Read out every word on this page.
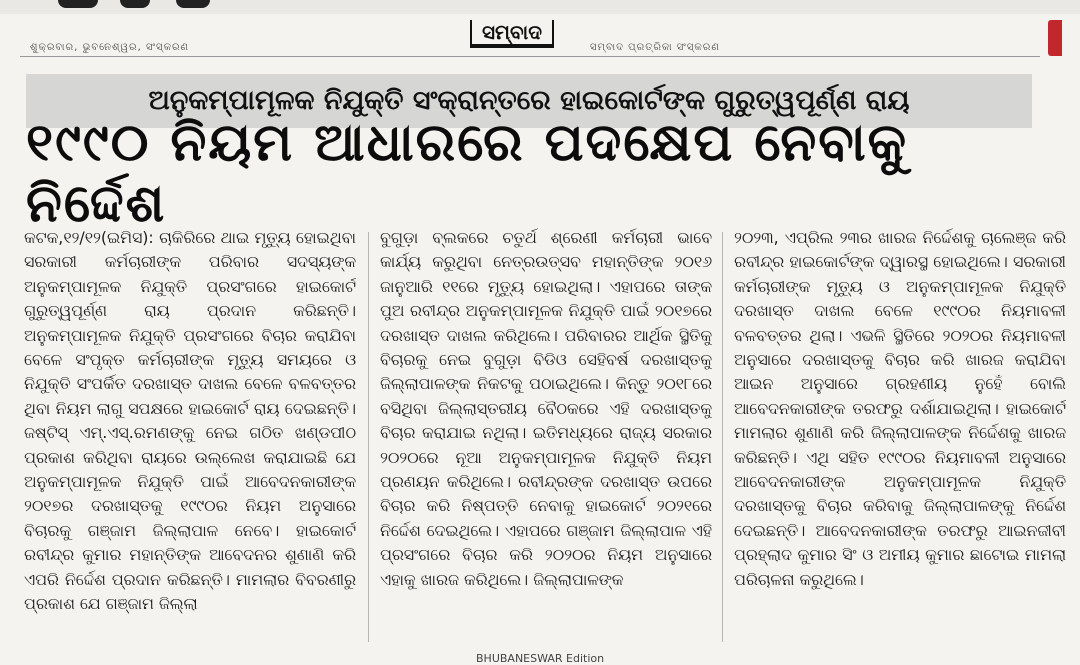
ଶୁକ୍ରବାର, ଭୁବନେଶ୍ୱର, ସଂସ୍କରଣ
ସମ୍ବାଦ
ସମ୍ବାଦ ପ୍ରତ୍ରିକା ସଂସ୍କରଣ
ଅନୁକମ୍ପାମୂଳକ ନିଯୁକ୍ତି ସଂକ୍ରାନ୍ତରେ ହାଇକୋର୍ଟଙ୍କ ଗୁରୁତ୍ୱପୂର୍ଣ୍ଣ ରାୟ
୧୯୯୦ ନିୟମ ଆଧାରରେ ପଦକ୍ଷେପ ନେବାକୁ ନିର୍ଦ୍ଦେଶ

କଟକ,୧୨/୧୨(ଇମିସ): ଚାକିରିରେ ଥାଇ ମୃତ୍ୟୁ ହୋଇଥିବା ସରକାରୀ କର୍ମଚାରୀଙ୍କ ପରିବାର ସଦସ୍ୟଙ୍କ ଅନୁକମ୍ପାମୂଳକ ନିଯୁକ୍ତି ପ୍ରସଂଗରେ ହାଇକୋର୍ଟ ଗୁରୁତ୍ୱପୂର୍ଣ୍ଣ ରାୟ ପ୍ରଦାନ କରିଛନ୍ତି। ଅନୁକମ୍ପାମୂଳକ ନିଯୁକ୍ତି ପ୍ରସଂଗରେ ବିଚାର କରାଯିବା ବେଳେ ସଂପୃକ୍ତ କର୍ମଚାରୀଙ୍କ ମୃତ୍ୟୁ ସମୟରେ ଓ ନିଯୁକ୍ତି ସଂପର୍କିତ ଦରଖାସ୍ତ ଦାଖଲ ବେଳେ ବଳବତ୍ତର ଥିବା ନିୟମ ଲାଗୁ ସପକ୍ଷରେ ହାଇକୋର୍ଟ ରାୟ ଦେଇଛନ୍ତି। ଜଷ୍ଟିସ୍ ଏମ୍.ଏସ୍.ରମଣଙ୍କୁ ନେଇ ଗଠିତ ଖଣ୍ଡପୀଠ ପ୍ରକାଶ କରିଥିବା ରାୟରେ ଉଲ୍ଲେଖ କରାଯାଇଛି ଯେ ଅନୁକମ୍ପାମୂଳକ ନିଯୁକ୍ତି ପାଇଁ ଆବେଦନକାରୀଙ୍କ ୨୦୧୭ର ଦରଖାସ୍ତକୁ ୧୯୯୦ର ନିୟମ ଅନୁସାରେ ବିଚାରକୁ ଗଞ୍ଜାମ ଜିଲ୍ଲାପାଳ ନେବେ। ହାଇକୋର୍ଟ ରବୀନ୍ଦ୍ର କୁମାର ମହାନ୍ତିଙ୍କ ଆବେଦନର ଶୁଣାଣି କରି ଏପରି ନିର୍ଦ୍ଦେଶ ପ୍ରଦାନ କରିଛନ୍ତି। ମାମଲାର ବିବରଣୀରୁ ପ୍ରକାଶ ଯେ ଗଞ୍ଜାମ ଜିଲ୍ଲା

ବୁଗୁଡ଼ା ବ୍ଲକରେ ଚତୁର୍ଥ ଶ୍ରେଣୀ କର୍ମଚାରୀ ଭାବେ କାର୍ଯ୍ୟ କରୁଥିବା ନେତ୍ରଉତ୍ସବ ମହାନ୍ତିଙ୍କ ୨୦୧୬ ଜାନୁଆରି ୧୧ରେ ମୃତ୍ୟୁ ହୋଇଥିଲା। ଏହାପରେ ତାଙ୍କ ପୁଅ ରବୀନ୍ଦ୍ର ଅନୁକମ୍ପାମୂଳକ ନିଯୁକ୍ତି ପାଇଁ ୨୦୧୭ରେ ଦରଖାସ୍ତ ଦାଖଲ କରିଥିଲେ। ପରିବାରର ଆର୍ଥିକ ସ୍ଥିତିକୁ ବିଚାରକୁ ନେଇ ବୁଗୁଡ଼ା ବିଡିଓ ସେହିବର୍ଷ ଦରଖାସ୍ତକୁ ଜିଲ୍ଲାପାଳଙ୍କ ନିକଟକୁ ପଠାଇଥିଲେ। କିନ୍ତୁ ୨୦୧୮ରେ ବସିଥିବା ଜିଲ୍ଲାସ୍ତରୀୟ ବୈଠକରେ ଏହି ଦରଖାସ୍ତକୁ ବିଚାର କରାଯାଇ ନଥିଲା। ଇତିମଧ୍ୟରେ ରାଜ୍ୟ ସରକାର ୨୦୨୦ରେ ନୂଆ ଅନୁକମ୍ପାମୂଳକ ନିଯୁକ୍ତି ନିୟମ ପ୍ରଣୟନ କରିଥିଲେ। ରବୀନ୍ଦ୍ରଙ୍କ ଦରଖାସ୍ତ ଉପରେ ବିଚାର କରି ନିଷ୍ପତ୍ତି ନେବାକୁ ହାଇକୋର୍ଟ ୨୦୨୧ରେ ନିର୍ଦ୍ଦେଶ ଦେଇଥିଲେ। ଏହାପରେ ଗଞ୍ଜାମ ଜିଲ୍ଲାପାଳ ଏହି ପ୍ରସଂଗରେ ବିଚାର କରି ୨୦୨୦ର ନିୟମ ଅନୁସାରେ ଏହାକୁ ଖାରଜ କରିଥିଲେ। ଜିଲ୍ଲାପାଳଙ୍କ

୨୦୨୩, ଏପ୍ରିଲ ୨୩ର ଖାରଜ ନିର୍ଦ୍ଦେଶକୁ ଚାଲେଞ୍ଜ କରି ରବୀନ୍ଦ୍ର ହାଇକୋର୍ଟଙ୍କ ଦ୍ୱାରସ୍ଥ ହୋଇଥିଲେ। ସରକାରୀ କର୍ମଚାରୀଙ୍କ ମୃତ୍ୟୁ ଓ ଅନୁକମ୍ପାମୂଳକ ନିଯୁକ୍ତି ଦରଖାସ୍ତ ଦାଖଲ ବେଳେ ୧୯୯୦ର ନିୟମାବଳୀ ବଳବତ୍ତର ଥିଲା। ଏଭଳି ସ୍ଥିତିରେ ୨୦୨୦ର ନିୟମାବଳୀ ଅନୁସାରେ ଦରଖାସ୍ତକୁ ବିଚାର କରି ଖାରଜ କରାଯିବା ଆଇନ ଅନୁସାରେ ଗ୍ରହଣୀୟ ନୁହେଁ ବୋଲି ଆବେଦନକାରୀଙ୍କ ତରଫରୁ ଦର୍ଶାଯାଇଥିଲା। ହାଇକୋର୍ଟ ମାମଲାର ଶୁଣାଣି କରି ଜିଲ୍ଲାପାଳଙ୍କ ନିର୍ଦ୍ଦେଶକୁ ଖାରଜ କରିଛନ୍ତି। ଏଥି ସହିତ ୧୯୯୦ର ନିୟମାବଳୀ ଅନୁସାରେ ଆବେଦନକାରୀଙ୍କ ଅନୁକମ୍ପାମୂଳକ ନିଯୁକ୍ତି ଦରଖାସ୍ତକୁ ବିଚାର କରିବାକୁ ଜିଲ୍ଲାପାଳଙ୍କୁ ନିର୍ଦ୍ଦେଶ ଦେଇଛନ୍ତି। ଆବେଦନକାରୀଙ୍କ ତରଫରୁ ଆଇନଜୀବୀ ପ୍ରହ୍ଲାଦ କୁମାର ସିଂ ଓ ଅମୀୟ କୁମାର ଛାଟୋଇ ମାମଲା ପରିଚାଳନା କରୁଥିଲେ।

BHUBANESWAR Edition
